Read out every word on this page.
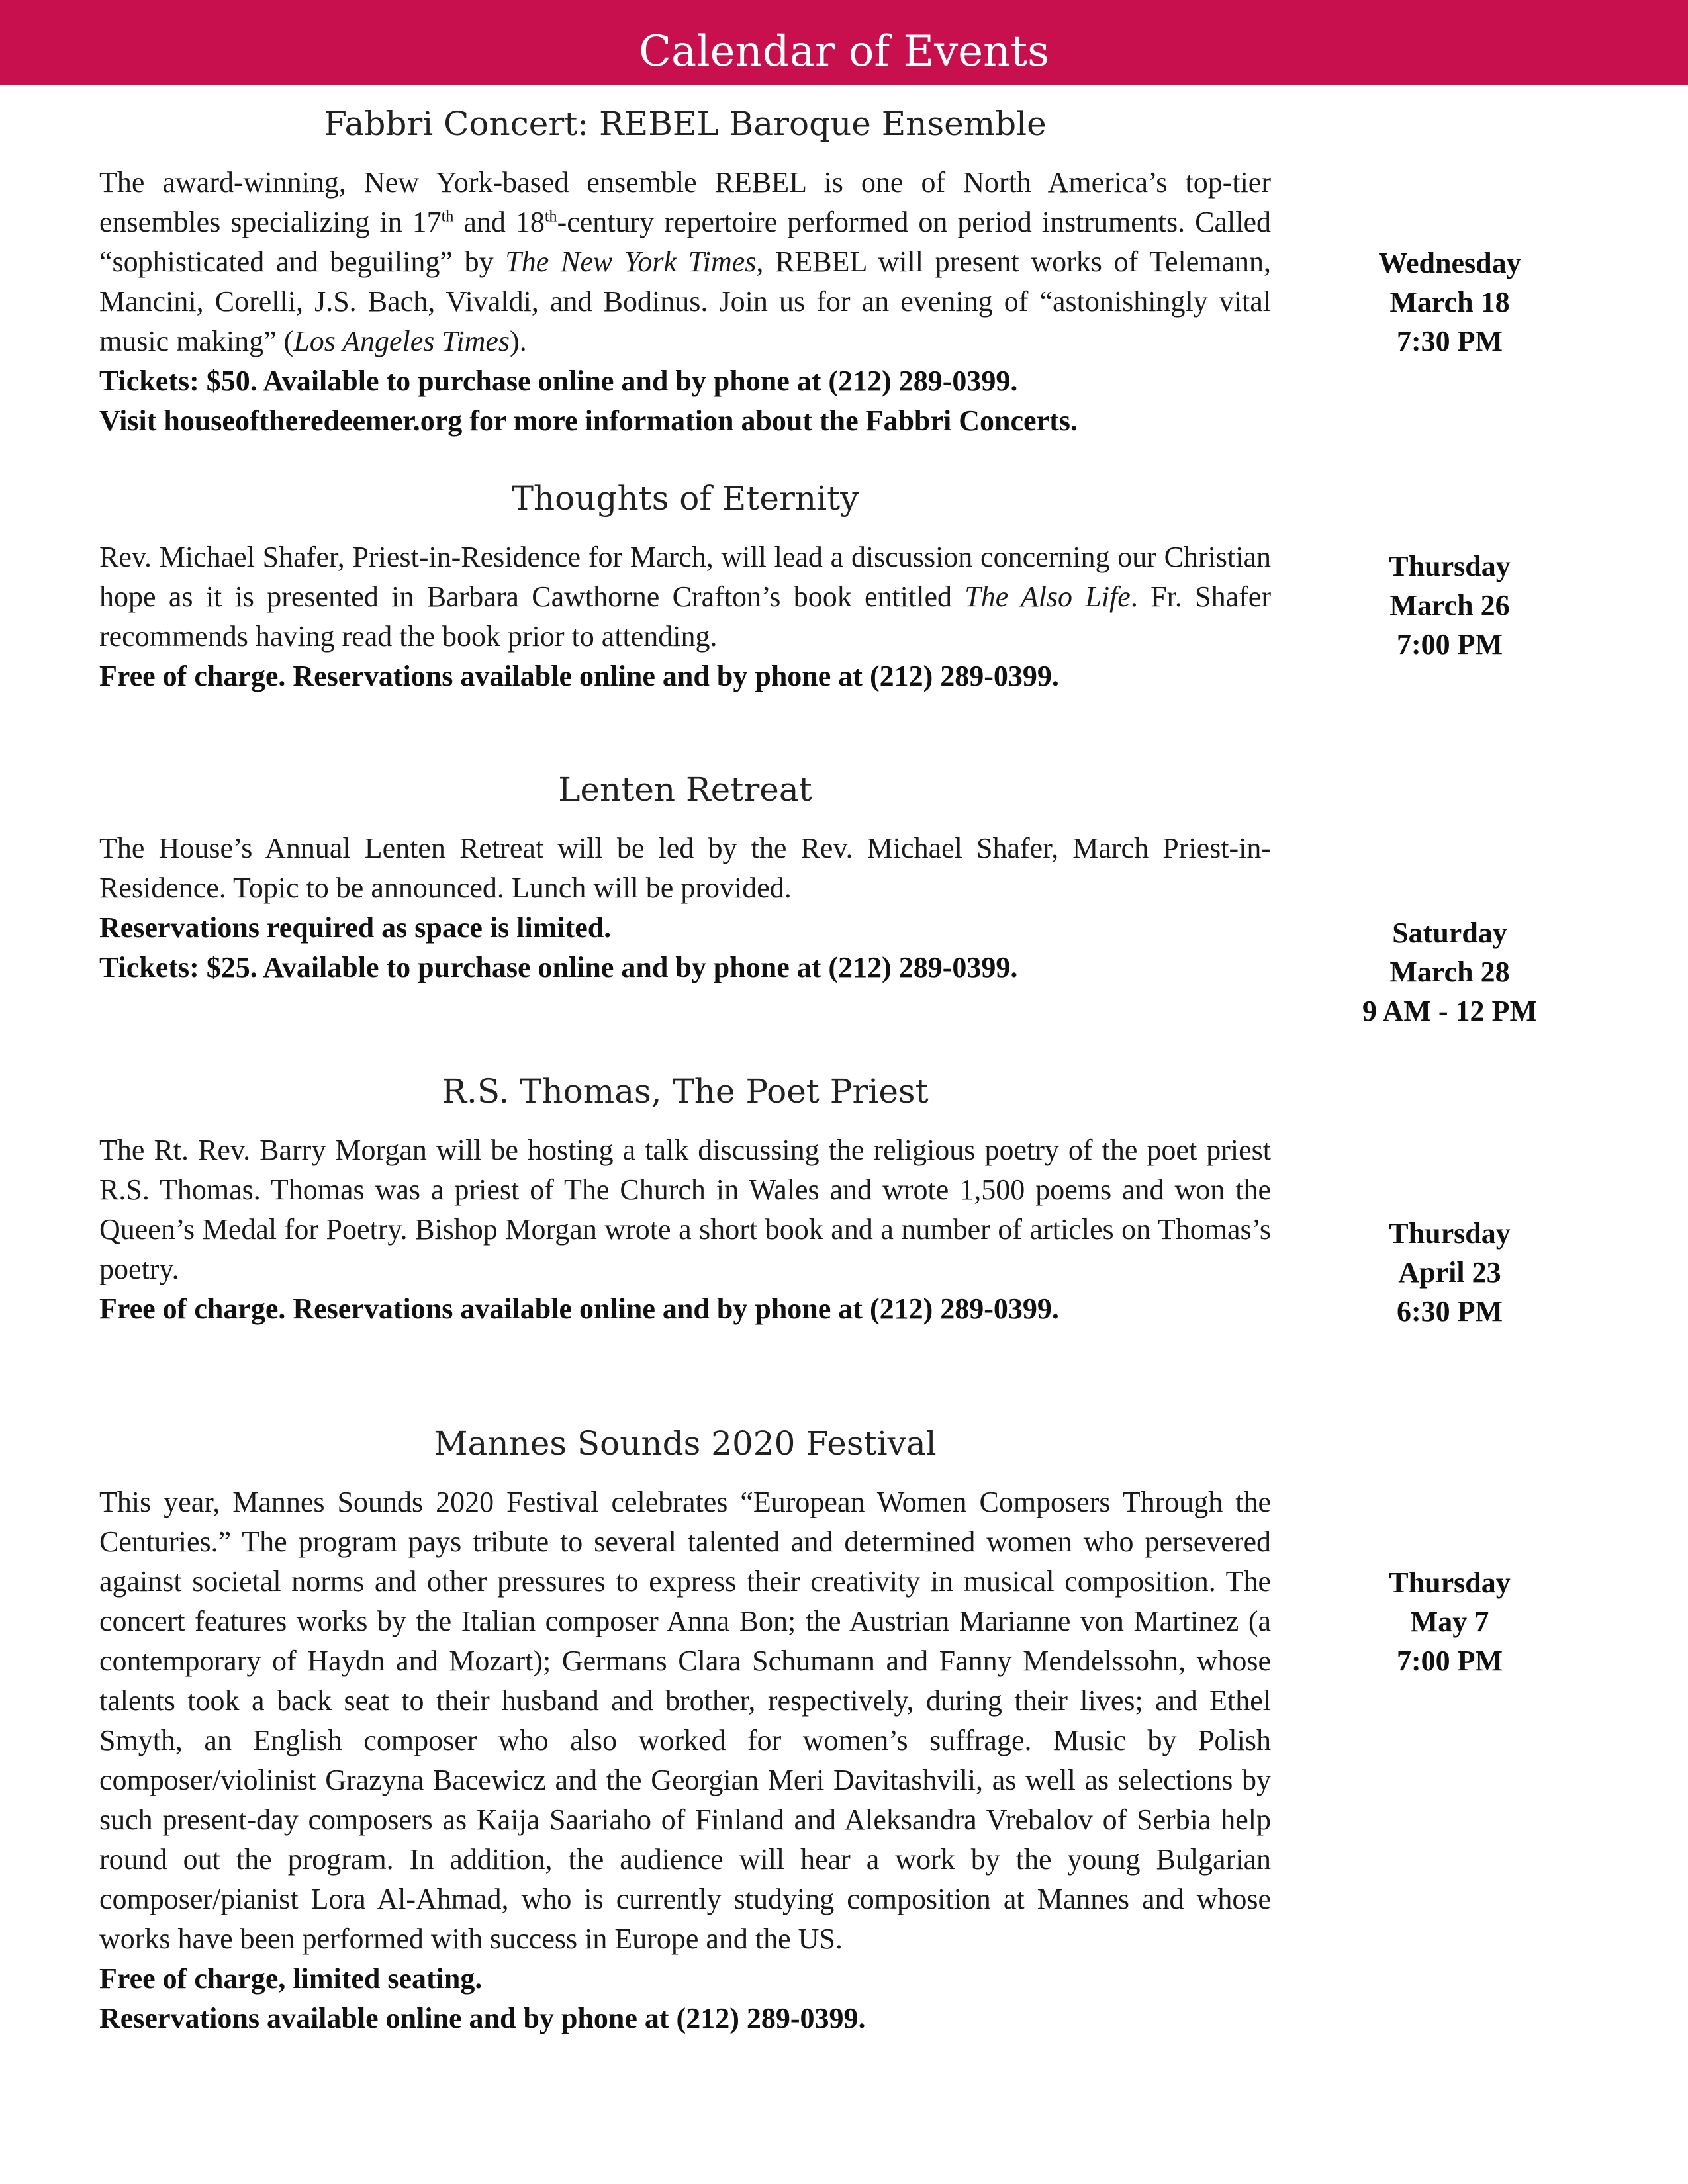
Calendar of Events
Fabbri Concert: REBEL Baroque Ensemble

The award-winning, New York-based ensemble REBEL is one of North America’s top-tier ensembles specializing in 17th and 18th-century repertoire performed on period instruments. Called “sophisticated and beguiling” by The New York Times, REBEL will present works of Telemann, Mancini, Corelli, J.S. Bach, Vivaldi, and Bodinus. Join us for an evening of “astonishingly vital music making” (Los Angeles Times).

Tickets: $50. Available to purchase online and by phone at (212) 289-0399.

Visit houseoftheredeemer.org for more information about the Fabbri Concerts.

Wednesday
March 18
7:30 PM
Thoughts of Eternity

Rev. Michael Shafer, Priest-in-Residence for March, will lead a discussion concerning our Christian hope as it is presented in Barbara Cawthorne Crafton’s book entitled The Also Life. Fr. Shafer recommends having read the book prior to attending.

Free of charge. Reservations available online and by phone at (212) 289-0399.

Thursday
March 26
7:00 PM
Lenten Retreat

The House’s Annual Lenten Retreat will be led by the Rev. Michael Shafer, March Priest-in-Residence. Topic to be announced. Lunch will be provided.

Reservations required as space is limited.

Tickets: $25. Available to purchase online and by phone at (212) 289-0399.

Saturday
March 28
9 AM - 12 PM
R.S. Thomas, The Poet Priest

The Rt. Rev. Barry Morgan will be hosting a talk discussing the religious poetry of the poet priest R.S. Thomas. Thomas was a priest of The Church in Wales and wrote 1,500 poems and won the Queen’s Medal for Poetry. Bishop Morgan wrote a short book and a number of articles on Thomas’s poetry.

Free of charge. Reservations available online and by phone at (212) 289-0399.

Thursday
April 23
6:30 PM
Mannes Sounds 2020 Festival

This year, Mannes Sounds 2020 Festival celebrates “European Women Composers Through the Centuries.” The program pays tribute to several talented and determined women who persevered against societal norms and other pressures to express their creativity in musical composition. The concert features works by the Italian composer Anna Bon; the Austrian Marianne von Martinez (a contemporary of Haydn and Mozart); Germans Clara Schumann and Fanny Mendelssohn, whose talents took a back seat to their husband and brother, respectively, during their lives; and Ethel Smyth, an English composer who also worked for women’s suffrage. Music by Polish composer/violinist Grazyna Bacewicz and the Georgian Meri Davitashvili, as well as selections by such present-day composers as Kaija Saariaho of Finland and Aleksandra Vrebalov of Serbia help round out the program. In addition, the audience will hear a work by the young Bulgarian composer/pianist Lora Al-Ahmad, who is currently studying composition at Mannes and whose works have been performed with success in Europe and the US.

Free of charge, limited seating.

Reservations available online and by phone at (212) 289-0399.

Thursday
May 7
7:00 PM
